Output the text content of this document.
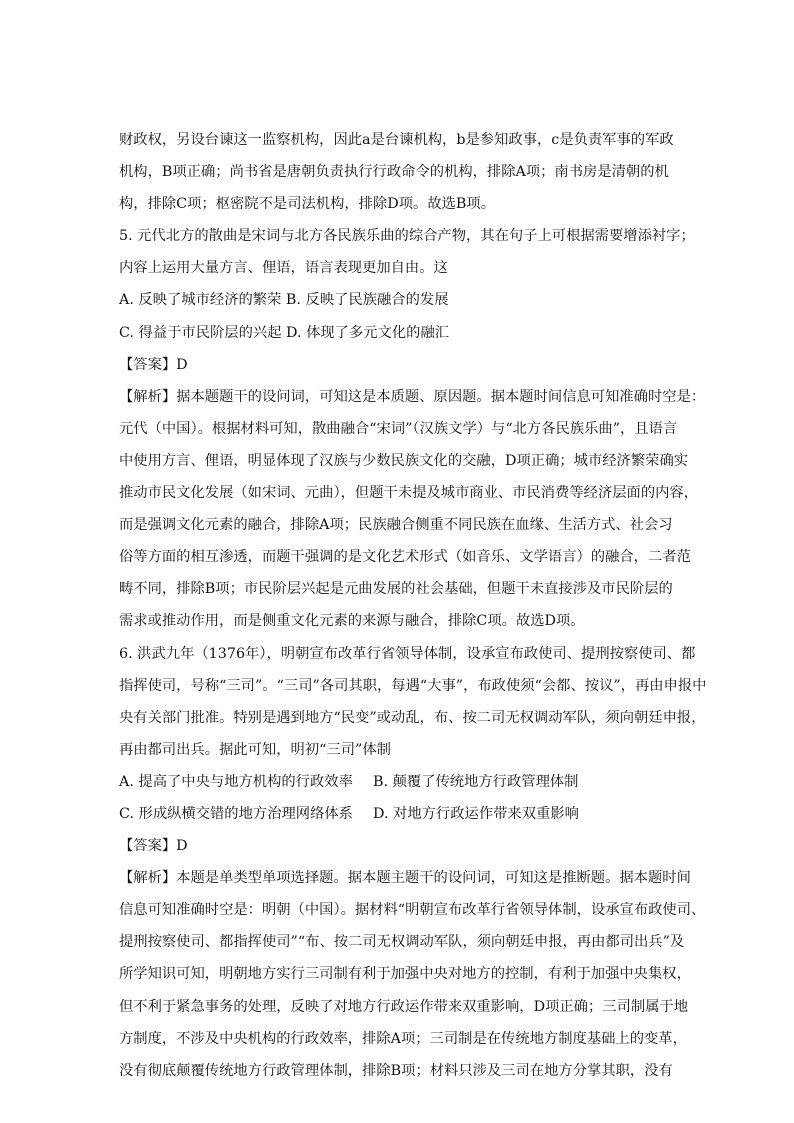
财政权，另设台谏这一监察机构，因此a是台谏机构，b是参知政事，c是负责军事的军政
机构，B项正确；尚书省是唐朝负责执行行政命令的机构，排除A项；南书房是清朝的机
构，排除C项；枢密院不是司法机构，排除D项。故选B项。
5. 元代北方的散曲是宋词与北方各民族乐曲的综合产物，其在句子上可根据需要增添衬字；
内容上运用大量方言、俚语，语言表现更加自由。这
A. 反映了城市经济的繁荣 B. 反映了民族融合的发展
C. 得益于市民阶层的兴起 D. 体现了多元文化的融汇
【答案】D
【解析】据本题题干的设问词，可知这是本质题、原因题。据本题时间信息可知准确时空是：
元代（中国）。根据材料可知，散曲融合“宋词”（汉族文学）与“北方各民族乐曲”，且语言
中使用方言、俚语，明显体现了汉族与少数民族文化的交融，D项正确；城市经济繁荣确实
推动市民文化发展（如宋词、元曲），但题干未提及城市商业、市民消费等经济层面的内容，
而是强调文化元素的融合，排除A项；民族融合侧重不同民族在血缘、生活方式、社会习
俗等方面的相互渗透，而题干强调的是文化艺术形式（如音乐、文学语言）的融合，二者范
畴不同，排除B项；市民阶层兴起是元曲发展的社会基础，但题干未直接涉及市民阶层的
需求或推动作用，而是侧重文化元素的来源与融合，排除C项。故选D项。
6. 洪武九年（1376年），明朝宣布改革行省领导体制，设承宣布政使司、提刑按察使司、都
指挥使司，号称“三司”。“三司”各司其职，每遇“大事”，布政使须“会都、按议”，再由申报中
央有关部门批准。特别是遇到地方“民变”或动乱，布、按二司无权调动军队，须向朝廷申报，
再由都司出兵。据此可知，明初“三司”体制
A. 提高了中央与地方机构的行政效率	B. 颠覆了传统地方行政管理体制
C. 形成纵横交错的地方治理网络体系	D. 对地方行政运作带来双重影响
【答案】D
【解析】本题是单类型单项选择题。据本题主题干的设问词，可知这是推断题。据本题时间
信息可知准确时空是：明朝（中国）。据材料“明朝宣布改革行省领导体制，设承宣布政使司、
提刑按察使司、都指挥使司”“布、按二司无权调动军队，须向朝廷申报，再由都司出兵”及
所学知识可知，明朝地方实行三司制有利于加强中央对地方的控制，有利于加强中央集权，
但不利于紧急事务的处理，反映了对地方行政运作带来双重影响，D项正确；三司制属于地
方制度，不涉及中央机构的行政效率，排除A项；三司制是在传统地方制度基础上的变革，
没有彻底颠覆传统地方行政管理体制，排除B项；材料只涉及三司在地方分掌其职，没有
